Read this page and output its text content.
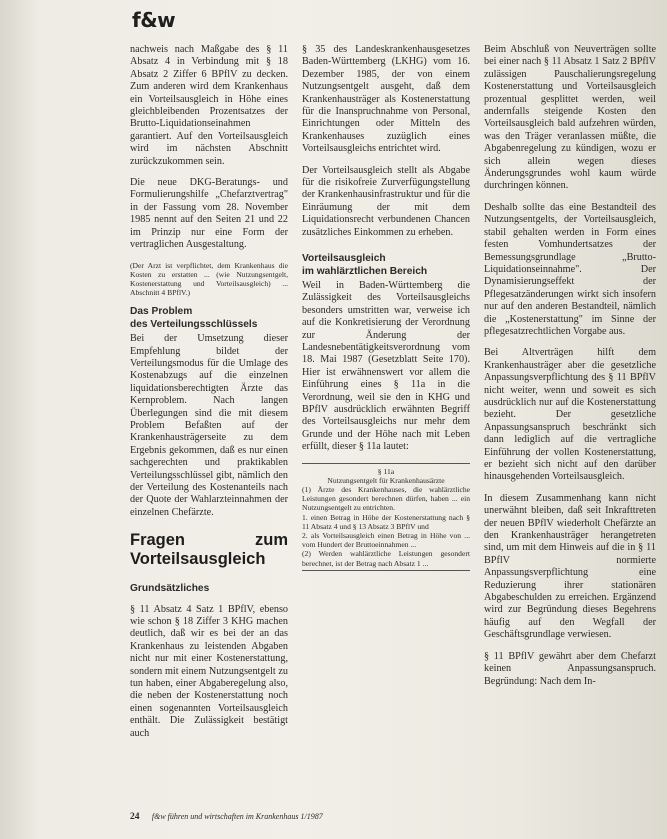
f&w

nachweis nach Maßgabe des § 11 Absatz 4 in Verbindung mit § 18 Absatz 2 Ziffer 6 BPflV zu decken. Zum anderen wird dem Krankenhaus ein Vorteilsausgleich in Höhe eines gleichbleibenden Prozentsatzes der Brutto-Liquidationseinahmen garantiert. Auf den Vorteilsausgleich wird im nächsten Abschnitt zurückzukommen sein.

Die neue DKG-Beratungs- und Formulierungshilfe „Chefarztvertrag" in der Fassung vom 28. November 1985 nennt auf den Seiten 21 und 22 im Prinzip nur eine Form der vertraglichen Ausgestaltung.

(Der Arzt ist verpflichtet, dem Krankenhaus die Kosten zu erstatten ... (wie Nutzungsentgelt, Kostenerstattung und Vorteilsausgleich) ... Abschnitt 4 BPflV.)

Das Problem
des Verteilungsschlüssels

Bei der Umsetzung dieser Empfehlung bildet der Verteilungsmodus für die Umlage des Kostenabzugs auf die einzelnen liquidationsberechtigten Ärzte das Kernproblem. Nach langen Überlegungen sind die mit diesem Problem Befaßten auf der Krankenhausträgerseite zu dem Ergebnis gekommen, daß es nur einen sachgerechten und praktikablen Verteilungsschlüssel gibt, nämlich den der Verteilung des Kostenanteils nach der Quote der Wahlarzteinnahmen der einzelnen Chefärzte.

Fragen zum Vorteilsausgleich
Grundsätzliches

§ 11 Absatz 4 Satz 1 BPflV, ebenso wie schon § 18 Ziffer 3 KHG machen deutlich, daß wir es bei der an das Krankenhaus zu leistenden Abgaben nicht nur mit einer Kostenerstattung, sondern mit einem Nutzungsentgelt zu tun haben, einer Abgaberegelung also, die neben der Kostenerstattung noch einen sogenannten Vorteilsausgleich enthält. Die Zulässigkeit bestätigt auch

§ 35 des Landeskrankenhausgesetzes Baden-Württemberg (LKHG) vom 16. Dezember 1985, der von einem Nutzungsentgelt ausgeht, daß dem Krankenhausträger als Kostenerstattung für die Inanspruchnahme von Personal, Einrichtungen oder Mitteln des Krankenhauses zuzüglich eines Vorteilsausgleichs entrichtet wird.

Der Vorteilsausgleich stellt als Abgabe für die risikofreie Zurverfügungstellung der Krankenhausinfrastruktur und für die Einräumung der mit dem Liquidationsrecht verbundenen Chancen zusätzliches Einkommen zu erheben.

Vorteilsausgleich
im wahlärztlichen Bereich

Weil in Baden-Württemberg die Zulässigkeit des Vorteilsausgleichs besonders umstritten war, verweise ich auf die Konkretisierung der Verordnung zur Änderung der Landesnebentätigkeitsverordnung vom 18. Mai 1987 (Gesetzblatt Seite 170). Hier ist erwähnenswert vor allem die Einführung eines § 11a in die Verordnung, weil sie den in KHG und BPflV ausdrücklich erwähnten Begriff des Vorteilsausgleichs nur mehr dem Grunde und der Höhe nach mit Leben erfüllt, dieser § 11a lautet:

§ 11a

Nutzungsentgelt für Krankenhausärzte

(1) Ärzte des Krankenhauses, die wahlärztliche Leistungen gesondert berechnen dürfen, haben ... ein Nutzungsentgelt zu entrichten.

1. einen Betrag in Höhe der Kostenerstattung nach § 11 Absatz 4 und § 13 Absatz 3 BPflV und

2. als Vorteilsausgleich einen Betrag in Höhe von ... vom Hundert der Bruttoeinnahmen ...

(2) Werden wahlärztliche Leistungen gesondert berechnet, ist der Betrag nach Absatz 1 ...

Beim Abschluß von Neuverträgen sollte bei einer nach § 11 Absatz 1 Satz 2 BPflV zulässigen Pauschalierungsregelung Kostenerstattung und Vorteilsausgleich prozentual gesplittet werden, weil andernfalls steigende Kosten den Vorteilsausgleich bald aufzehren würden, was den Träger veranlassen müßte, die Abgabenregelung zu kündigen, wozu er sich allein wegen dieses Änderungsgrundes wohl kaum würde durchringen können.

Deshalb sollte das eine Bestandteil des Nutzungsentgelts, der Vorteilsausgleich, stabil gehalten werden in Form eines festen Vomhundertsatzes der Bemessungsgrundlage „Brutto-Liquidationseinnahme". Der Dynamisierungseffekt der Pflegesatzänderungen wirkt sich insofern nur auf den anderen Bestandteil, nämlich die „Kostenerstattung" im Sinne der pflegesatzrechtlichen Vorgabe aus.

Bei Altverträgen hilft dem Krankenhausträger aber die gesetzliche Anpassungsverpflichtung des § 11 BPflV nicht weiter, wenn und soweit es sich ausdrücklich nur auf die Kostenerstattung bezieht. Der gesetzliche Anpassungsanspruch beschränkt sich dann lediglich auf die vertragliche Einführung der vollen Kostenerstattung, er bezieht sich nicht auf den darüber hinausgehenden Vorteilsausgleich.

In diesem Zusammenhang kann nicht unerwähnt bleiben, daß seit Inkrafttreten der neuen BPflV wiederholt Chefärzte an den Krankenhausträger herangetreten sind, um mit dem Hinweis auf die in § 11 BPflV normierte Anpassungsverpflichtung eine Reduzierung ihrer stationären Abgabeschulden zu erreichen. Ergänzend wird zur Begründung dieses Begehrens häufig auf den Wegfall der Geschäftsgrundlage verwiesen.

§ 11 BPflV gewährt aber dem Chefarzt keinen Anpassungsanspruch. Begründung: Nach dem In-

24 f&w führen und wirtschaften im Krankenhaus 1/1987
